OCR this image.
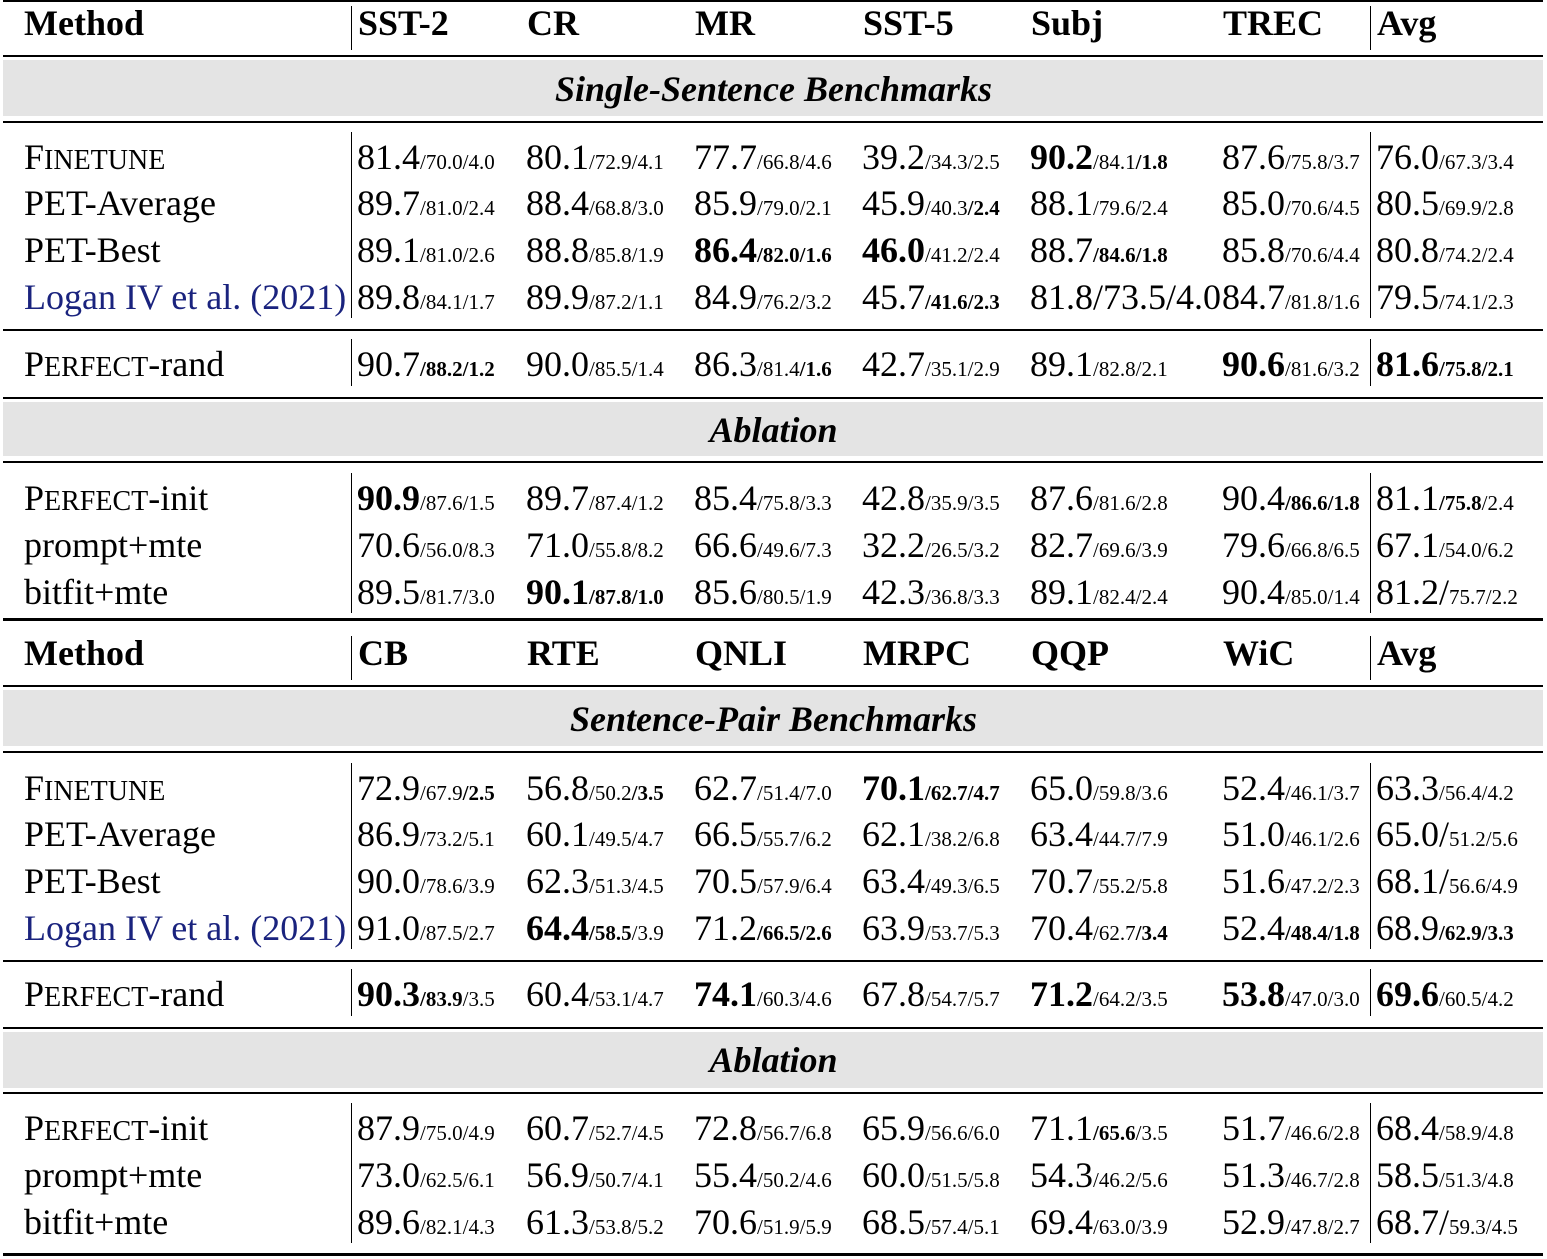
Method	SST-2 CR	MR	SST-5 Subj	TREC Avg
Single-Sentence Benchmarks
FINETUNE	81.4/70.0/4.0 80.1/72.9/4.1 77.7/66.8/4.6 39.2/34.3/2.5 90.2/84.1/1.8 87.6/75.8/3.7 76.0/67.3/3.4
PET-Average	89.7/81.0/2.4 88.4/68.8/3.0 85.9/79.0/2.1 45.9/40.3/2.4 88.1/79.6/2.4 85.0/70.6/4.5 80.5/69.9/2.8
PET-Best	89.1/81.0/2.6 88.8/85.8/1.9 86.4/82.0/1.6 46.0/41.2/2.4 88.7/84.6/1.8 85.8/70.6/4.4 80.8/74.2/2.4
Logan IV et al. (2021) 89.8/84.1/1.7 89.9/87.2/1.1 84.9/76.2/3.2 45.7/41.6/2.3 81.8/73.5/4.0 84.7/81.8/1.6 79.5/74.1/2.3
PERFECT-rand	90.7/88.2/1.2 90.0/85.5/1.4 86.3/81.4/1.6 42.7/35.1/2.9 89.1/82.8/2.1 90.6/81.6/3.2 81.6/75.8/2.1
Ablation
PERFECT-init	90.9/87.6/1.5 89.7/87.4/1.2 85.4/75.8/3.3 42.8/35.9/3.5 87.6/81.6/2.8 90.4/86.6/1.8 81.1/75.8/2.4
prompt+mte	70.6/56.0/8.3 71.0/55.8/8.2 66.6/49.6/7.3 32.2/26.5/3.2 82.7/69.6/3.9 79.6/66.8/6.5 67.1/54.0/6.2
bitfit+mte	89.5/81.7/3.0 90.1/87.8/1.0 85.6/80.5/1.9 42.3/36.8/3.3 89.1/82.4/2.4 90.4/85.0/1.4 81.2/75.7/2.2
Method	CB	RTE	QNLI MRPC QQP	WiC Avg
Sentence-Pair Benchmarks
FINETUNE	72.9/67.9/2.5 56.8/50.2/3.5 62.7/51.4/7.0 70.1/62.7/4.7 65.0/59.8/3.6 52.4/46.1/3.7 63.3/56.4/4.2
PET-Average	86.9/73.2/5.1 60.1/49.5/4.7 66.5/55.7/6.2 62.1/38.2/6.8 63.4/44.7/7.9 51.0/46.1/2.6 65.0/51.2/5.6
PET-Best	90.0/78.6/3.9 62.3/51.3/4.5 70.5/57.9/6.4 63.4/49.3/6.5 70.7/55.2/5.8 51.6/47.2/2.3 68.1/56.6/4.9
Logan IV et al. (2021) 91.0/87.5/2.7 64.4/58.5/3.9 71.2/66.5/2.6 63.9/53.7/5.3 70.4/62.7/3.4 52.4/48.4/1.8 68.9/62.9/3.3
PERFECT-rand	90.3/83.9/3.5 60.4/53.1/4.7 74.1/60.3/4.6 67.8/54.7/5.7 71.2/64.2/3.5 53.8/47.0/3.0 69.6/60.5/4.2
Ablation
PERFECT-init	87.9/75.0/4.9 60.7/52.7/4.5 72.8/56.7/6.8 65.9/56.6/6.0 71.1/65.6/3.5 51.7/46.6/2.8 68.4/58.9/4.8
prompt+mte	73.0/62.5/6.1 56.9/50.7/4.1 55.4/50.2/4.6 60.0/51.5/5.8 54.3/46.2/5.6 51.3/46.7/2.8 58.5/51.3/4.8
bitfit+mte	89.6/82.1/4.3 61.3/53.8/5.2 70.6/51.9/5.9 68.5/57.4/5.1 69.4/63.0/3.9 52.9/47.8/2.7 68.7/59.3/4.5
